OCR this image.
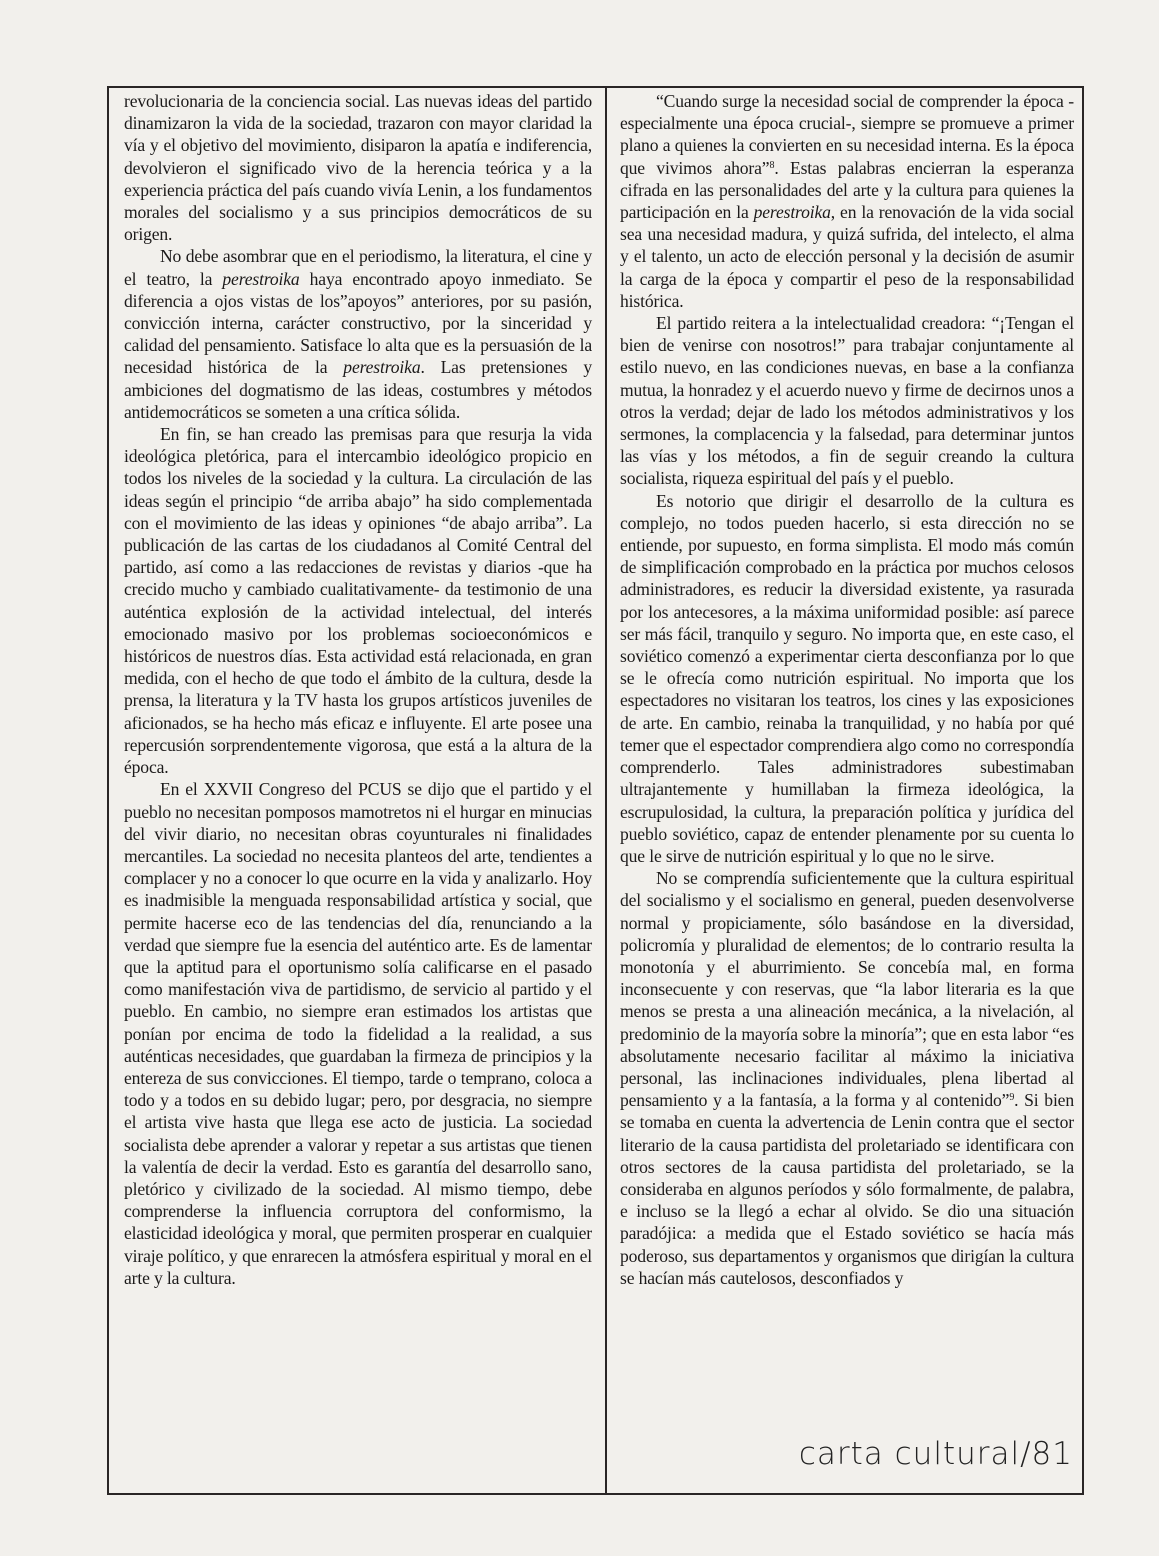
revolucionaria de la conciencia social. Las nuevas ideas del partido dinamizaron la vida de la sociedad, trazaron con mayor claridad la vía y el objetivo del movimiento, disiparon la apatía e indiferencia, devolvieron el significado vivo de la herencia teórica y a la experiencia práctica del país cuando vivía Lenin, a los fundamentos morales del socialismo y a sus principios democráticos de su origen.

No debe asombrar que en el periodismo, la literatura, el cine y el teatro, la perestroika haya encontrado apoyo inmediato. Se diferencia a ojos vistas de los”apoyos” anteriores, por su pasión, convicción interna, carácter constructivo, por la sinceridad y calidad del pensamiento. Satisface lo alta que es la persuasión de la necesidad histórica de la perestroika. Las pretensiones y ambiciones del dogmatismo de las ideas, costumbres y métodos antidemocráticos se someten a una crítica sólida.

En fin, se han creado las premisas para que resurja la vida ideológica pletórica, para el intercambio ideológico propicio en todos los niveles de la sociedad y la cultura. La circulación de las ideas según el principio “de arriba abajo” ha sido complementada con el movimiento de las ideas y opiniones “de abajo arriba”. La publicación de las cartas de los ciudadanos al Comité Central del partido, así como a las redacciones de revistas y diarios -que ha crecido mucho y cambiado cualitativamente- da testimonio de una auténtica explosión de la actividad intelectual, del interés emocionado masivo por los problemas socioeconómicos e históricos de nuestros días. Esta actividad está relacionada, en gran medida, con el hecho de que todo el ámbito de la cultura, desde la prensa, la literatura y la TV hasta los grupos artísticos juveniles de aficionados, se ha hecho más eficaz e influyente. El arte posee una repercusión sorprendentemente vigorosa, que está a la altura de la época.

En el XXVII Congreso del PCUS se dijo que el partido y el pueblo no necesitan pomposos mamotretos ni el hurgar en minucias del vivir diario, no necesitan obras coyunturales ni finalidades mercantiles. La sociedad no necesita planteos del arte, tendientes a complacer y no a conocer lo que ocurre en la vida y analizarlo. Hoy es inadmisible la menguada responsabilidad artística y social, que permite hacerse eco de las tendencias del día, renunciando a la verdad que siempre fue la esencia del auténtico arte. Es de lamentar que la aptitud para el oportunismo solía calificarse en el pasado como manifestación viva de partidismo, de servicio al partido y el pueblo. En cambio, no siempre eran estimados los artistas que ponían por encima de todo la fidelidad a la realidad, a sus auténticas necesidades, que guardaban la firmeza de principios y la entereza de sus convicciones. El tiempo, tarde o temprano, coloca a todo y a todos en su debido lugar; pero, por desgracia, no siempre el artista vive hasta que llega ese acto de justicia. La sociedad socialista debe aprender a valorar y repetar a sus artistas que tienen la valentía de decir la verdad. Esto es garantía del desarrollo sano, pletórico y civilizado de la sociedad. Al mismo tiempo, debe comprenderse la influencia corruptora del conformismo, la elasticidad ideológica y moral, que permiten prosperar en cualquier viraje político, y que enrarecen la atmósfera espiritual y moral en el arte y la cultura.

“Cuando surge la necesidad social de comprender la época -especialmente una época crucial-, siempre se promueve a primer plano a quienes la convierten en su necesidad interna. Es la época que vivimos ahora”$^8$. Estas palabras encierran la esperanza cifrada en las personalidades del arte y la cultura para quienes la participación en la perestroika, en la renovación de la vida social sea una necesidad madura, y quizá sufrida, del intelecto, el alma y el talento, un acto de elección personal y la decisión de asumir la carga de la época y compartir el peso de la responsabilidad histórica.

El partido reitera a la intelectualidad creadora: “¡Tengan el bien de venirse con nosotros!” para trabajar conjuntamente al estilo nuevo, en las condiciones nuevas, en base a la confianza mutua, la honradez y el acuerdo nuevo y firme de decirnos unos a otros la verdad; dejar de lado los métodos administrativos y los sermones, la complacencia y la falsedad, para determinar juntos las vías y los métodos, a fin de seguir creando la cultura socialista, riqueza espiritual del país y el pueblo.

Es notorio que dirigir el desarrollo de la cultura es complejo, no todos pueden hacerlo, si esta dirección no se entiende, por supuesto, en forma simplista. El modo más común de simplificación comprobado en la práctica por muchos celosos administradores, es reducir la diversidad existente, ya rasurada por los antecesores, a la máxima uniformidad posible: así parece ser más fácil, tranquilo y seguro. No importa que, en este caso, el soviético comenzó a experimentar cierta desconfianza por lo que se le ofrecía como nutrición espiritual. No importa que los espectadores no visitaran los teatros, los cines y las exposiciones de arte. En cambio, reinaba la tranquilidad, y no había por qué temer que el espectador comprendiera algo como no correspondía comprenderlo. Tales administradores subestimaban ultrajantemente y humillaban la firmeza ideológica, la escrupulosidad, la cultura, la preparación política y jurídica del pueblo soviético, capaz de entender plenamente por su cuenta lo que le sirve de nutrición espiritual y lo que no le sirve.

No se comprendía suficientemente que la cultura espiritual del socialismo y el socialismo en general, pueden desenvolverse normal y propiciamente, sólo basándose en la diversidad, policromía y pluralidad de elementos; de lo contrario resulta la monotonía y el aburrimiento. Se concebía mal, en forma inconsecuente y con reservas, que “la labor literaria es la que menos se presta a una alineación mecánica, a la nivelación, al predominio de la mayoría sobre la minoría”; que en esta labor “es absolutamente necesario facilitar al máximo la iniciativa personal, las inclinaciones individuales, plena libertad al pensamiento y a la fantasía, a la forma y al contenido”$^9$. Si bien se tomaba en cuenta la advertencia de Lenin contra que el sector literario de la causa partidista del proletariado se identificara con otros sectores de la causa partidista del proletariado, se la consideraba en algunos períodos y sólo formalmente, de palabra, e incluso se la llegó a echar al olvido. Se dio una situación paradójica: a medida que el Estado soviético se hacía más poderoso, sus departamentos y organismos que dirigían la cultura se hacían más cautelosos, desconfiados y

carta cultural/81
